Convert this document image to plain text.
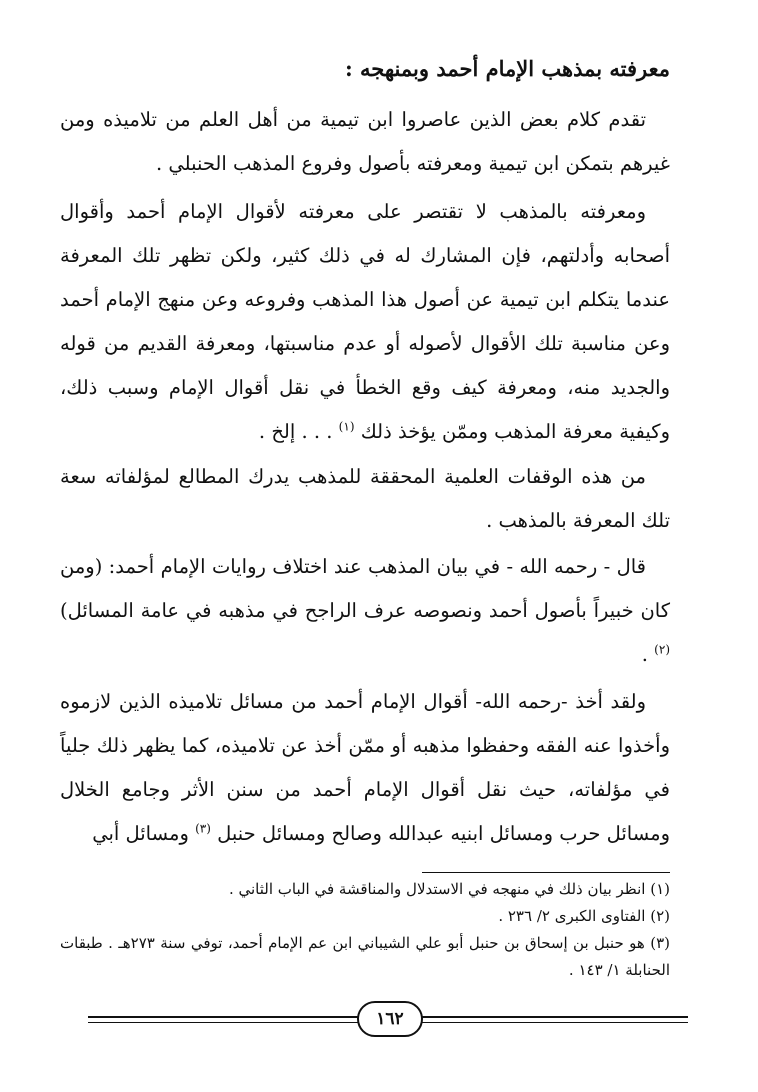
معرفته بمذهب الإمام أحمد وبمنهجه :

تقدم كلام بعض الذين عاصروا ابن تيمية من أهل العلم من تلاميذه ومن غيرهم بتمكن ابن تيمية ومعرفته بأصول وفروع المذهب الحنبلي .

ومعرفته بالمذهب لا تقتصر على معرفته لأقوال الإمام أحمد وأقوال أصحابه وأدلتهم، فإن المشارك له في ذلك كثير، ولكن تظهر تلك المعرفة عندما يتكلم ابن تيمية عن أصول هذا المذهب وفروعه وعن منهج الإمام أحمد وعن مناسبة تلك الأقوال لأصوله أو عدم مناسبتها، ومعرفة القديم من قوله والجديد منه، ومعرفة كيف وقع الخطأ في نقل أقوال الإمام وسبب ذلك، وكيفية معرفة المذهب وممّن يؤخذ ذلك $^{(١)}$ . . . إلخ .

من هذه الوقفات العلمية المحققة للمذهب يدرك المطالع لمؤلفاته سعة تلك المعرفة بالمذهب .

قال - رحمه الله - في بيان المذهب عند اختلاف روايات الإمام أحمد: (ومن كان خبيراً بأصول أحمد ونصوصه عرف الراجح في مذهبه في عامة المسائل) $^{(٢)}$ .

ولقد أخذ -رحمه الله- أقوال الإمام أحمد من مسائل تلاميذه الذين لازموه وأخذوا عنه الفقه وحفظوا مذهبه أو ممّن أخذ عن تلاميذه، كما يظهر ذلك جلياً في مؤلفاته، حيث نقل أقوال الإمام أحمد من سنن الأثر وجامع الخلال ومسائل حرب ومسائل ابنيه عبدالله وصالح ومسائل حنبل $^{(٣)}$ ومسائل أبي

(١) انظر بيان ذلك في منهجه في الاستدلال والمناقشة في الباب الثاني .

(٢) الفتاوى الكبرى ٢/ ٢٣٦ .

(٣) هو حنبل بن إسحاق بن حنبل أبو علي الشيباني ابن عم الإمام أحمد، توفي سنة ٢٧٣هـ . طبقات الحنابلة ١/ ١٤٣ .

١٦٢
